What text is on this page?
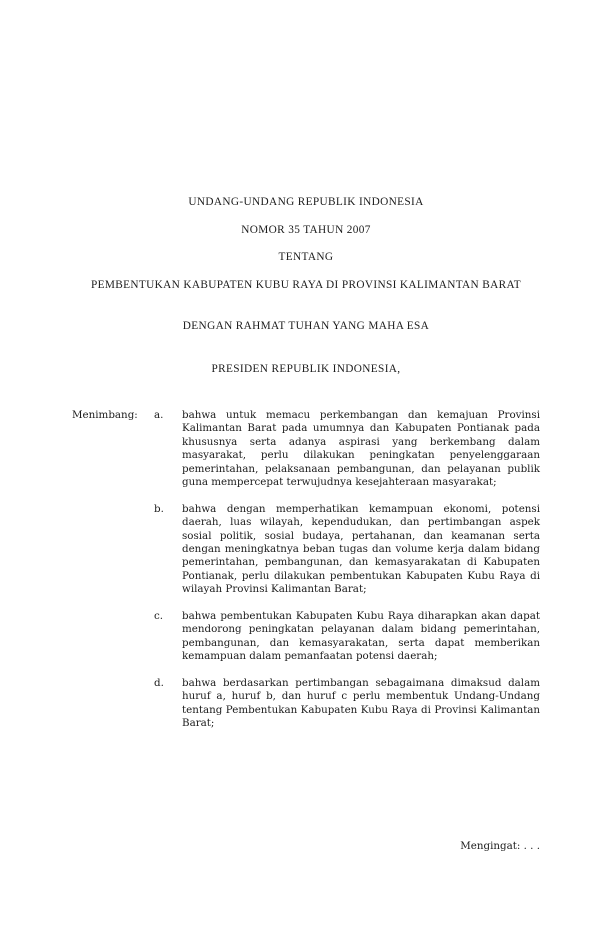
UNDANG-UNDANG REPUBLIK INDONESIA
NOMOR 35 TAHUN 2007
TENTANG
PEMBENTUKAN KABUPATEN KUBU RAYA DI PROVINSI KALIMANTAN BARAT
DENGAN RAHMAT TUHAN YANG MAHA ESA
PRESIDEN REPUBLIK INDONESIA,
Menimbang:	a.	bahwa untuk memacu perkembangan dan kemajuan Provinsi Kalimantan Barat pada umumnya dan Kabupaten Pontianak pada khususnya serta adanya aspirasi yang berkembang dalam masyarakat, perlu dilakukan peningkatan penyelenggaraan pemerintahan, pelaksanaan pembangunan, dan pelayanan publik guna mempercepat terwujudnya kesejahteraan masyarakat;
b.	bahwa dengan memperhatikan kemampuan ekonomi, potensi daerah, luas wilayah, kependudukan, dan pertimbangan aspek sosial politik, sosial budaya, pertahanan, dan keamanan serta dengan meningkatnya beban tugas dan volume kerja dalam bidang pemerintahan, pembangunan, dan kemasyarakatan di Kabupaten Pontianak, perlu dilakukan pembentukan Kabupaten Kubu Raya di wilayah Provinsi Kalimantan Barat;
c.	bahwa pembentukan Kabupaten Kubu Raya diharapkan akan dapat mendorong peningkatan pelayanan dalam bidang pemerintahan, pembangunan, dan kemasyarakatan, serta dapat memberikan kemampuan dalam pemanfaatan potensi daerah;
d.	bahwa berdasarkan pertimbangan sebagaimana dimaksud dalam huruf a, huruf b, dan huruf c perlu membentuk Undang-Undang tentang Pembentukan Kabupaten Kubu Raya di Provinsi Kalimantan Barat;
Mengingat: . . .
